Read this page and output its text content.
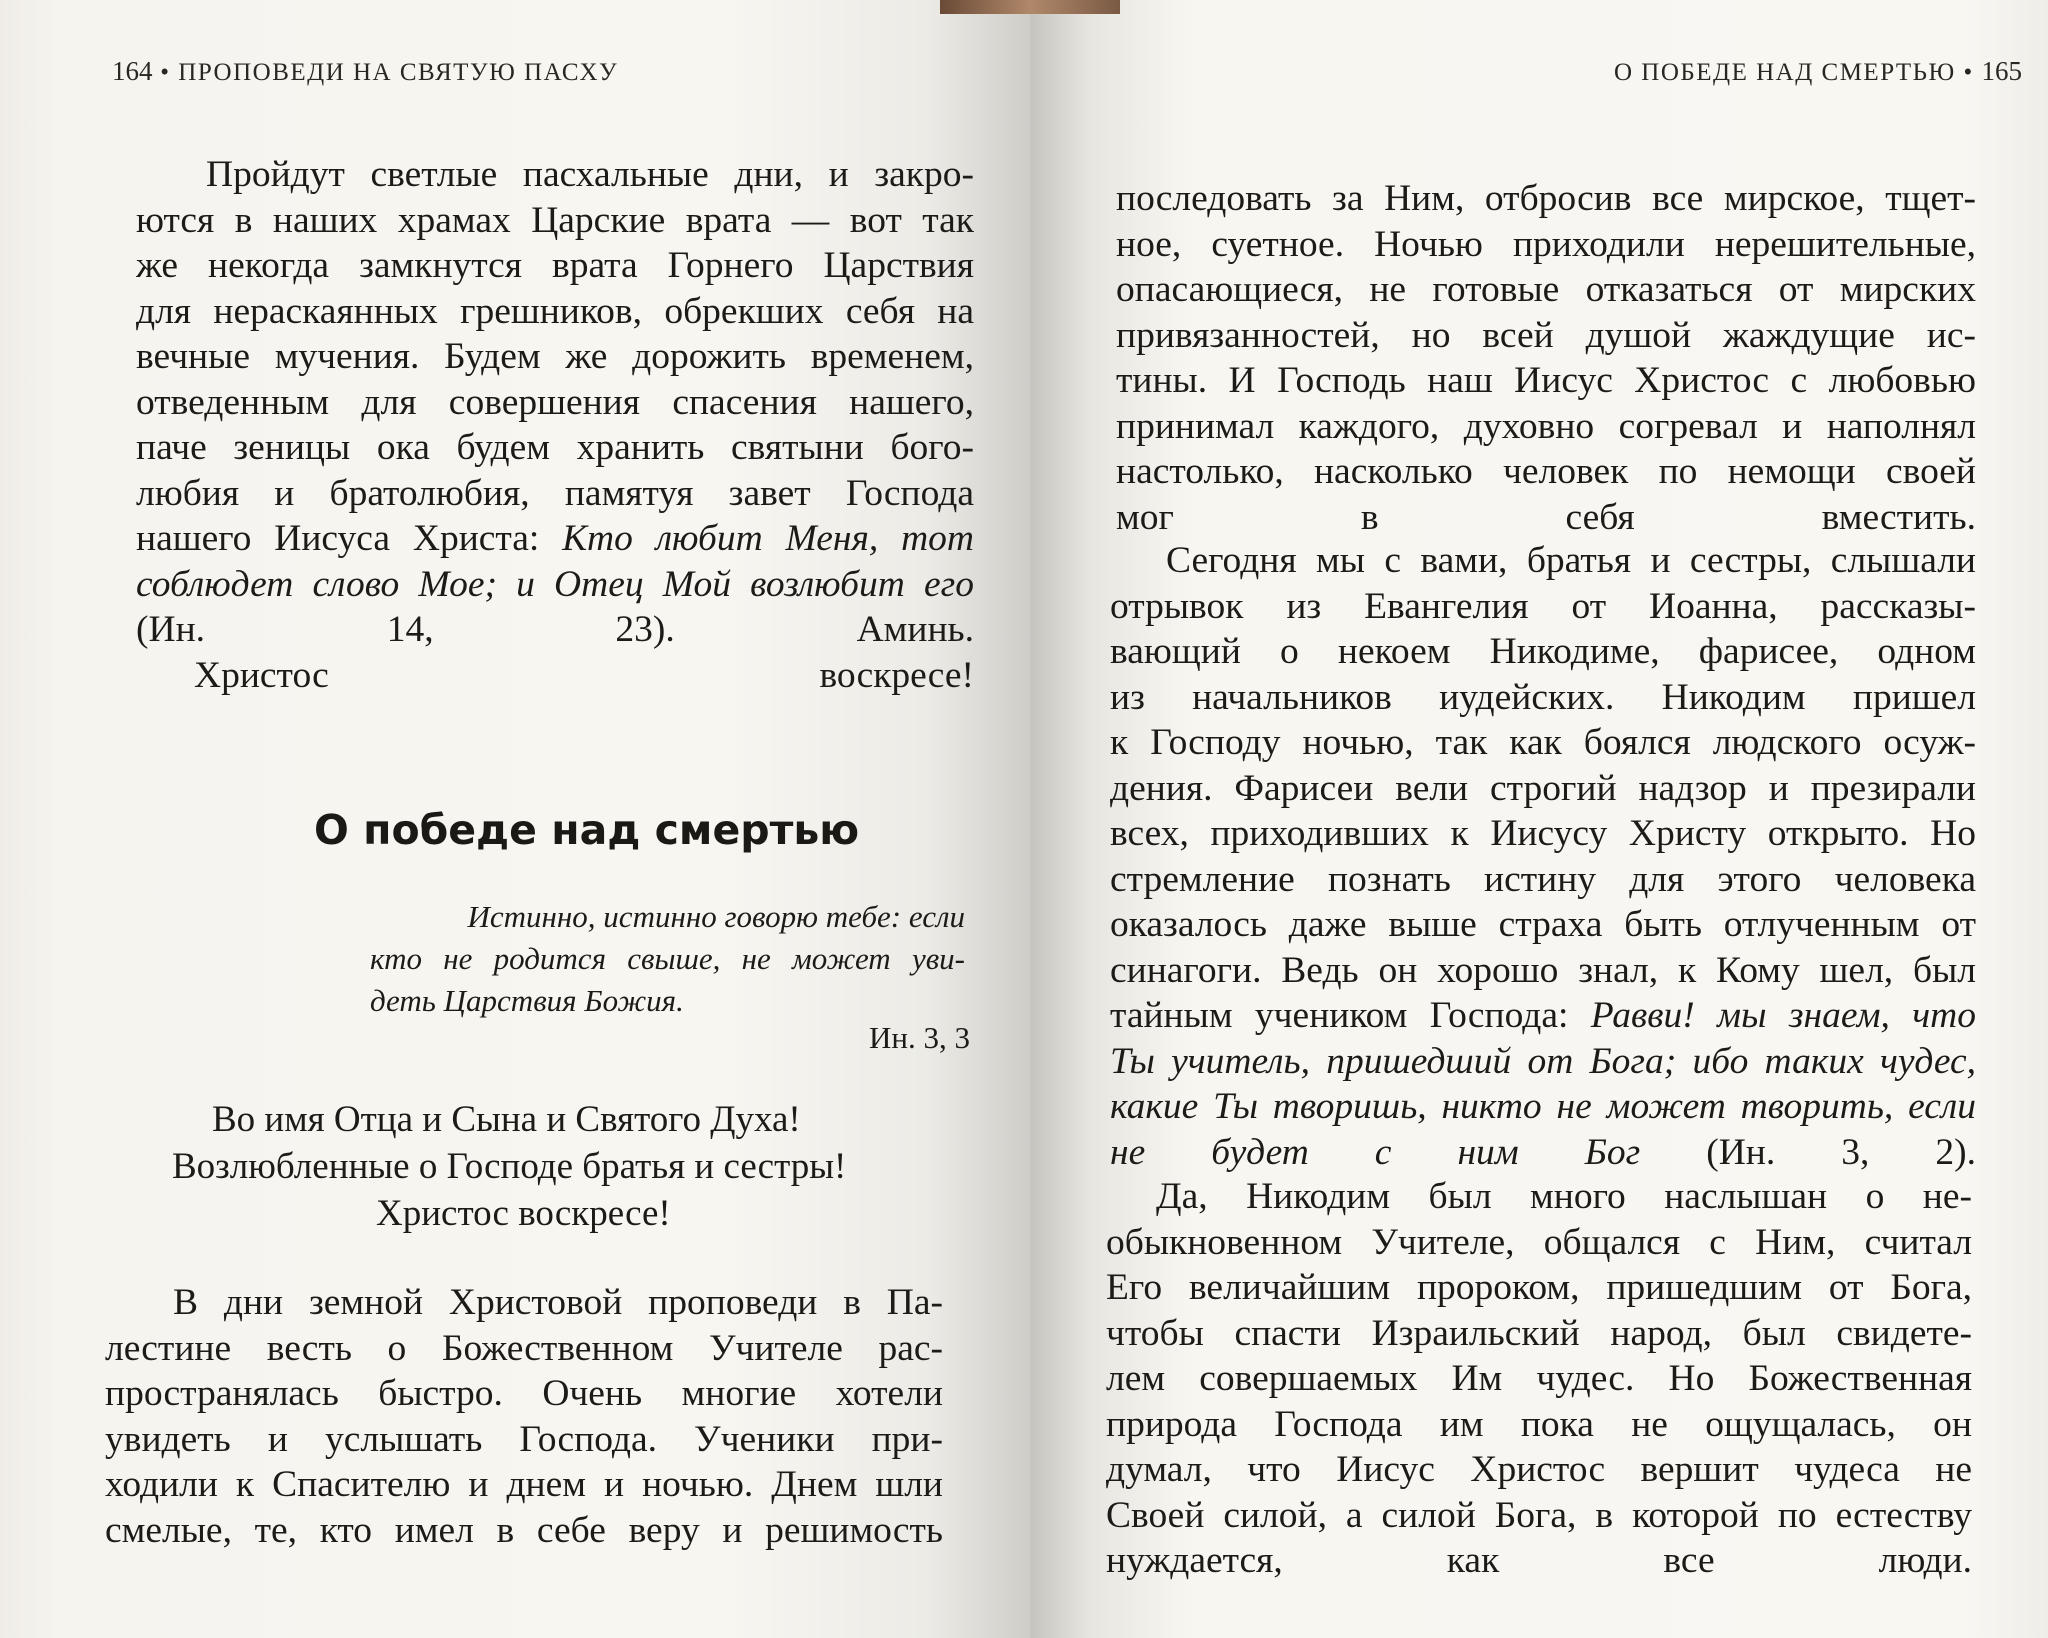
164 • ПРОПОВЕДИ НА СВЯТУЮ ПАСХУ
Пройдут светлые пасхальные дни, и закро-
ются в наших храмах Царские врата — вот так
же некогда замкнутся врата Горнего Царствия
для нераскаянных грешников, обрекших себя на
вечные мучения. Будем же дорожить временем,
отведенным для совершения спасения нашего,
паче зеницы ока будем хранить святыни бого-
любия и братолюбия, памятуя завет Господа
нашего Иисуса Христа: Кто любит Меня, тот
соблюдет слово Мое; и Отец Мой возлюбит его
(Ин. 14, 23). Аминь.
Христос воскресе!
О победе над смертью
Истинно, истинно говорю тебе: если
кто не родится свыше, не может уви-
деть Царствия Божия.
Ин. 3, 3
Во имя Отца и Сына и Святого Духа!
Возлюбленные о Господе братья и сестры!
Христос воскресе!
В дни земной Христовой проповеди в Па-
лестине весть о Божественном Учителе рас-
пространялась быстро. Очень многие хотели
увидеть и услышать Господа. Ученики при-
ходили к Спасителю и днем и ночью. Днем шли
смелые, те, кто имел в себе веру и решимость
О ПОБЕДЕ НАД СМЕРТЬЮ • 165
последовать за Ним, отбросив все мирское, тщет-
ное, суетное. Ночью приходили нерешительные,
опасающиеся, не готовые отказаться от мирских
привязанностей, но всей душой жаждущие ис-
тины. И Господь наш Иисус Христос с любовью
принимал каждого, духовно согревал и наполнял
настолько, насколько человек по немощи своей
мог в себя вместить.
Сегодня мы с вами, братья и сестры, слышали
отрывок из Евангелия от Иоанна, рассказы-
вающий о некоем Никодиме, фарисее, одном
из начальников иудейских. Никодим пришел
к Господу ночью, так как боялся людского осуж-
дения. Фарисеи вели строгий надзор и презирали
всех, приходивших к Иисусу Христу открыто. Но
стремление познать истину для этого человека
оказалось даже выше страха быть отлученным от
синагоги. Ведь он хорошо знал, к Кому шел, был
тайным учеником Господа: Равви! мы знаем, что
Ты учитель, пришедший от Бога; ибо таких чудес,
какие Ты творишь, никто не может творить, если
не будет с ним Бог (Ин. 3, 2).
Да, Никодим был много наслышан о не-
обыкновенном Учителе, общался с Ним, считал
Его величайшим пророком, пришедшим от Бога,
чтобы спасти Израильский народ, был свидете-
лем совершаемых Им чудес. Но Божественная
природа Господа им пока не ощущалась, он
думал, что Иисус Христос вершит чудеса не
Своей силой, а силой Бога, в которой по естеству
нуждается, как все люди.
